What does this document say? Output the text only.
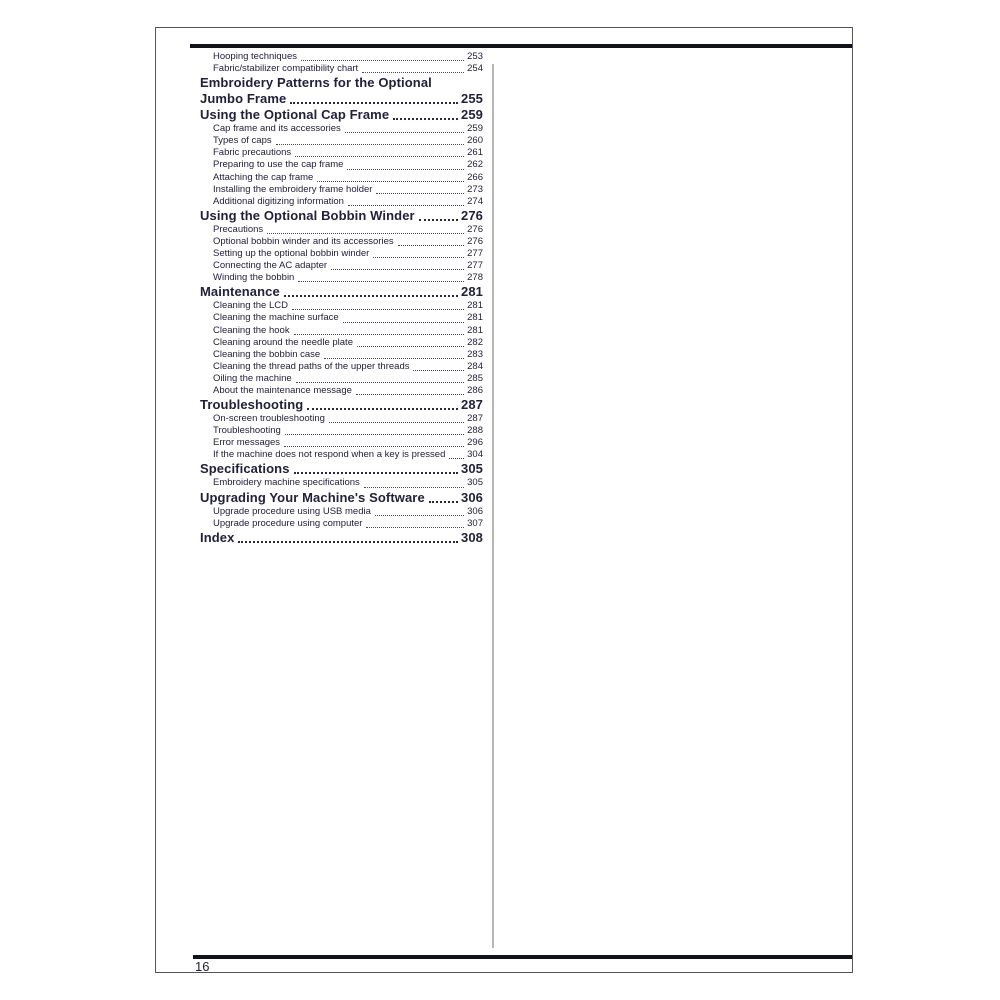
Hooping techniques	253
Fabric/stabilizer compatibility chart	254
Embroidery Patterns for the Optional
Jumbo Frame	255
Using the Optional Cap Frame	259
Cap frame and its accessories	259
Types of caps	260
Fabric precautions	261
Preparing to use the cap frame	262
Attaching the cap frame	266
Installing the embroidery frame holder	273
Additional digitizing information	274
Using the Optional Bobbin Winder	276
Precautions	276
Optional bobbin winder and its accessories	276
Setting up the optional bobbin winder	277
Connecting the AC adapter	277
Winding the bobbin	278
Maintenance	281
Cleaning the LCD	281
Cleaning the machine surface	281
Cleaning the hook	281
Cleaning around the needle plate	282
Cleaning the bobbin case	283
Cleaning the thread paths of the upper threads	284
Oiling the machine	285
About the maintenance message	286
Troubleshooting	287
On-screen troubleshooting	287
Troubleshooting	288
Error messages	296
If the machine does not respond when a key is pressed 304
Specifications	305
Embroidery machine specifications	305
Upgrading Your Machine's Software	306
Upgrade procedure using USB media	306
Upgrade procedure using computer	307
Index	308
16
